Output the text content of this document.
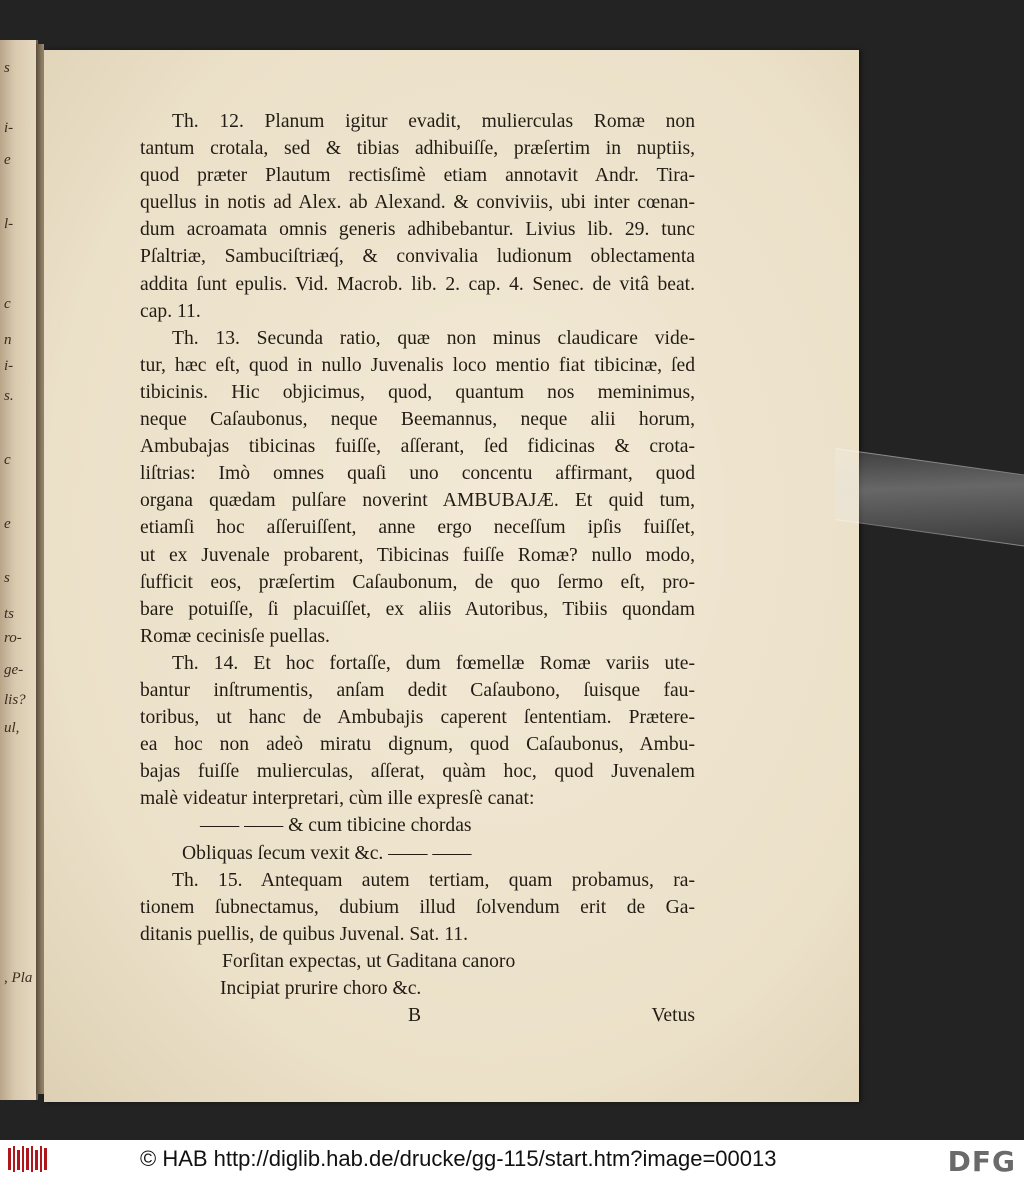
s
i-
e
l-
c
n
i-
s.
c
e
s
ts
ro-
ge-
lis?
ul,
, Pla

Th. 12. Planum igitur evadit, mulierculas Romæ non
tantum crotala, sed & tibias adhibuiſſe, præſertim in nuptiis,
quod præter Plautum rectisſimè etiam annotavit Andr. Tira-
quellus in notis ad Alex. ab Alexand. & conviviis, ubi inter cœnan-
dum acroamata omnis generis adhibebantur. Livius lib. 29. tunc
Pſaltriæ, Sambuciſtriæq́, & convivalia ludionum oblectamenta
addita ſunt epulis. Vid. Macrob. lib. 2. cap. 4. Senec. de vitâ beat.
cap. 11.

Th. 13. Secunda ratio, quæ non minus claudicare vide-
tur, hæc eſt, quod in nullo Juvenalis loco mentio fiat tibicinæ, ſed
tibicinis. Hic objicimus, quod, quantum nos meminimus,
neque Caſaubonus, neque Beemannus, neque alii horum,
Ambubajas tibicinas fuiſſe, aſſerant, ſed fidicinas & crota-
liſtrias: Imò omnes quaſi uno concentu affirmant, quod
organa quædam pulſare noverint AMBUBAJÆ. Et quid tum,
etiamſi hoc aſſeruiſſent, anne ergo neceſſum ipſis fuiſſet,
ut ex Juvenale probarent, Tibicinas fuiſſe Romæ? nullo modo,
ſufficit eos, præſertim Caſaubonum, de quo ſermo eſt, pro-
bare potuiſſe, ſi placuiſſet, ex aliis Autoribus, Tibiis quondam
Romæ cecinisſe puellas.

Th. 14. Et hoc fortaſſe, dum fœmellæ Romæ variis ute-
bantur inſtrumentis, anſam dedit Caſaubono, ſuisque fau-
toribus, ut hanc de Ambubajis caperent ſententiam. Prætere-
ea hoc non adeò miratu dignum, quod Caſaubonus, Ambu-
bajas fuiſſe mulierculas, aſſerat, quàm hoc, quod Juvenalem
malè videatur interpretari, cùm ille expresſè canat:

—— —— & cum tibicine chordas
Obliquas ſecum vexit &c. —— ——

Th. 15. Antequam autem tertiam, quam probamus, ra-
tionem ſubnectamus, dubium illud ſolvendum erit de Ga-
ditanis puellis, de quibus Juvenal. Sat. 11.

Forſitan expectas, ut Gaditana canoro
Incipiat prurire choro &c.
B	Vetus
© HAB http://diglib.hab.de/drucke/gg-115/start.htm?image=00013	DFG
